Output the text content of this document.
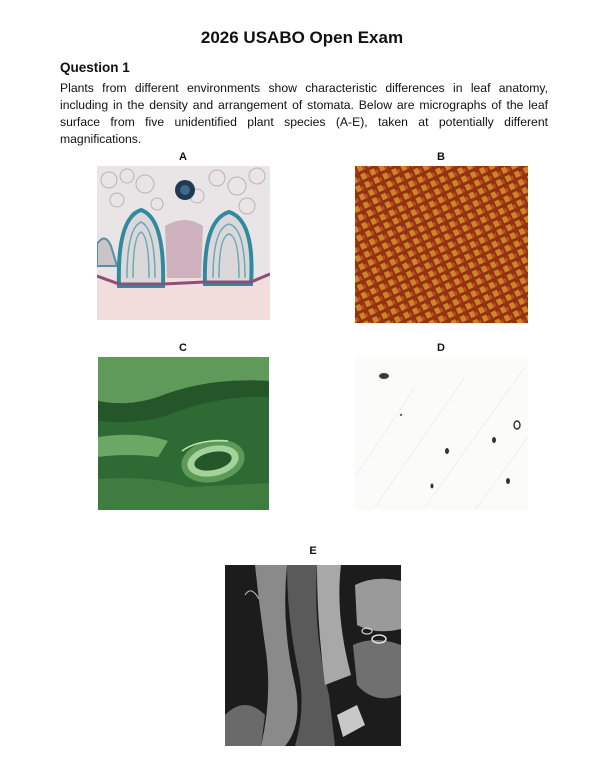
2026 USABO Open Exam
Question 1
Plants from different environments show characteristic differences in leaf anatomy, including in the density and arrangement of stomata. Below are micrographs of the leaf surface from five unidentified plant species (A-E), taken at potentially different magnifications.
A	B
C	D
E
